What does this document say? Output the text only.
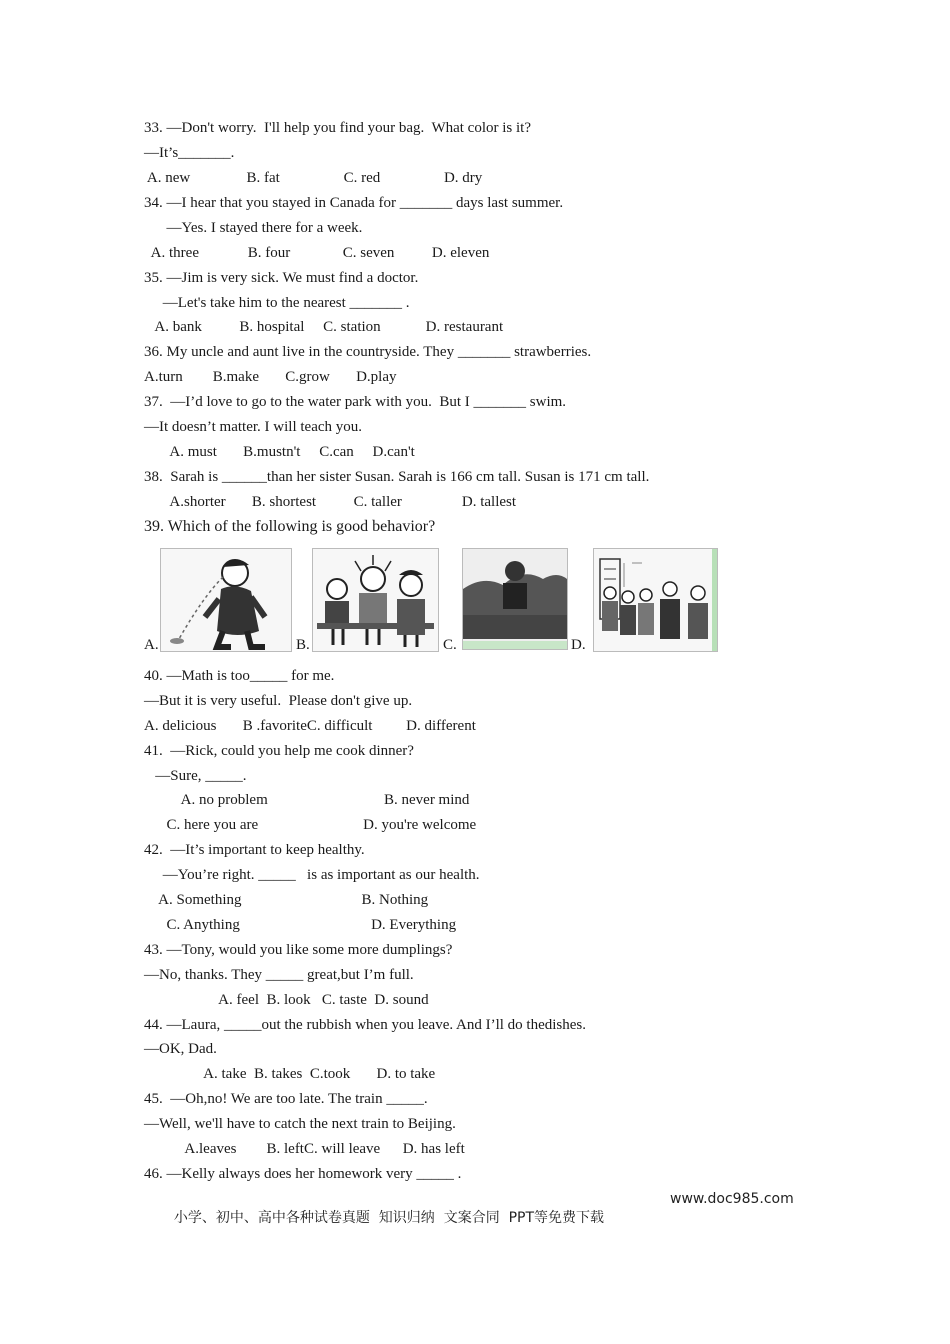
33. —Don't worry.  I'll help you find your bag.  What color is it?
—It’s_______.
A. new               B. fat                 C. red                 D. dry
34. —I hear that you stayed in Canada for _______ days last summer.
—Yes. I stayed there for a week.
A. three             B. four              C. seven          D. eleven
35. —Jim is very sick. We must find a doctor.
—Let's take him to the nearest _______ .
A. bank          B. hospital     C. station            D. restaurant
36. My uncle and aunt live in the countryside. They _______ strawberries.
A.turn        B.make       C.grow       D.play
37.  —I’d love to go to the water park with you.  But I _______ swim.
—It doesn’t matter. I will teach you.
A. must       B.mustn't     C.can     D.can't
38.  Sarah is ______than her sister Susan. Sarah is 166 cm tall. Susan is 171 cm tall.
A.shorter       B. shortest          C. taller                D. tallest
39. Which of the following is good behavior?
A.	B.	C.	D.
40. —Math is too_____ for me.
—But it is very useful.  Please don't give up.
A. delicious       B .favoriteC. difficult         D. different
41.  —Rick, could you help me cook dinner?
—Sure, _____.
A. no problem                               B. never mind
C. here you are                            D. you're welcome
42.  —It’s important to keep healthy.
—You’re right. _____   is as important as our health.
A. Something                                B. Nothing
C. Anything                                   D. Everything
43. —Tony, would you like some more dumplings?
—No, thanks. They _____ great,but I’m full.
A. feel  B. look   C. taste  D. sound
44. —Laura, _____out the rubbish when you leave. And I’ll do thedishes.
—OK, Dad.
A. take  B. takes  C.took       D. to take
45.  —Oh,no! We are too late. The train _____.
—Well, we'll have to catch the next train to Beijing.
A.leaves        B. leftC. will leave      D. has left
46. —Kelly always does her homework very _____ .

小学、初中、高中各种试卷真题  知识归纳  文案合同  PPT等免费下载

www.doc985.com
